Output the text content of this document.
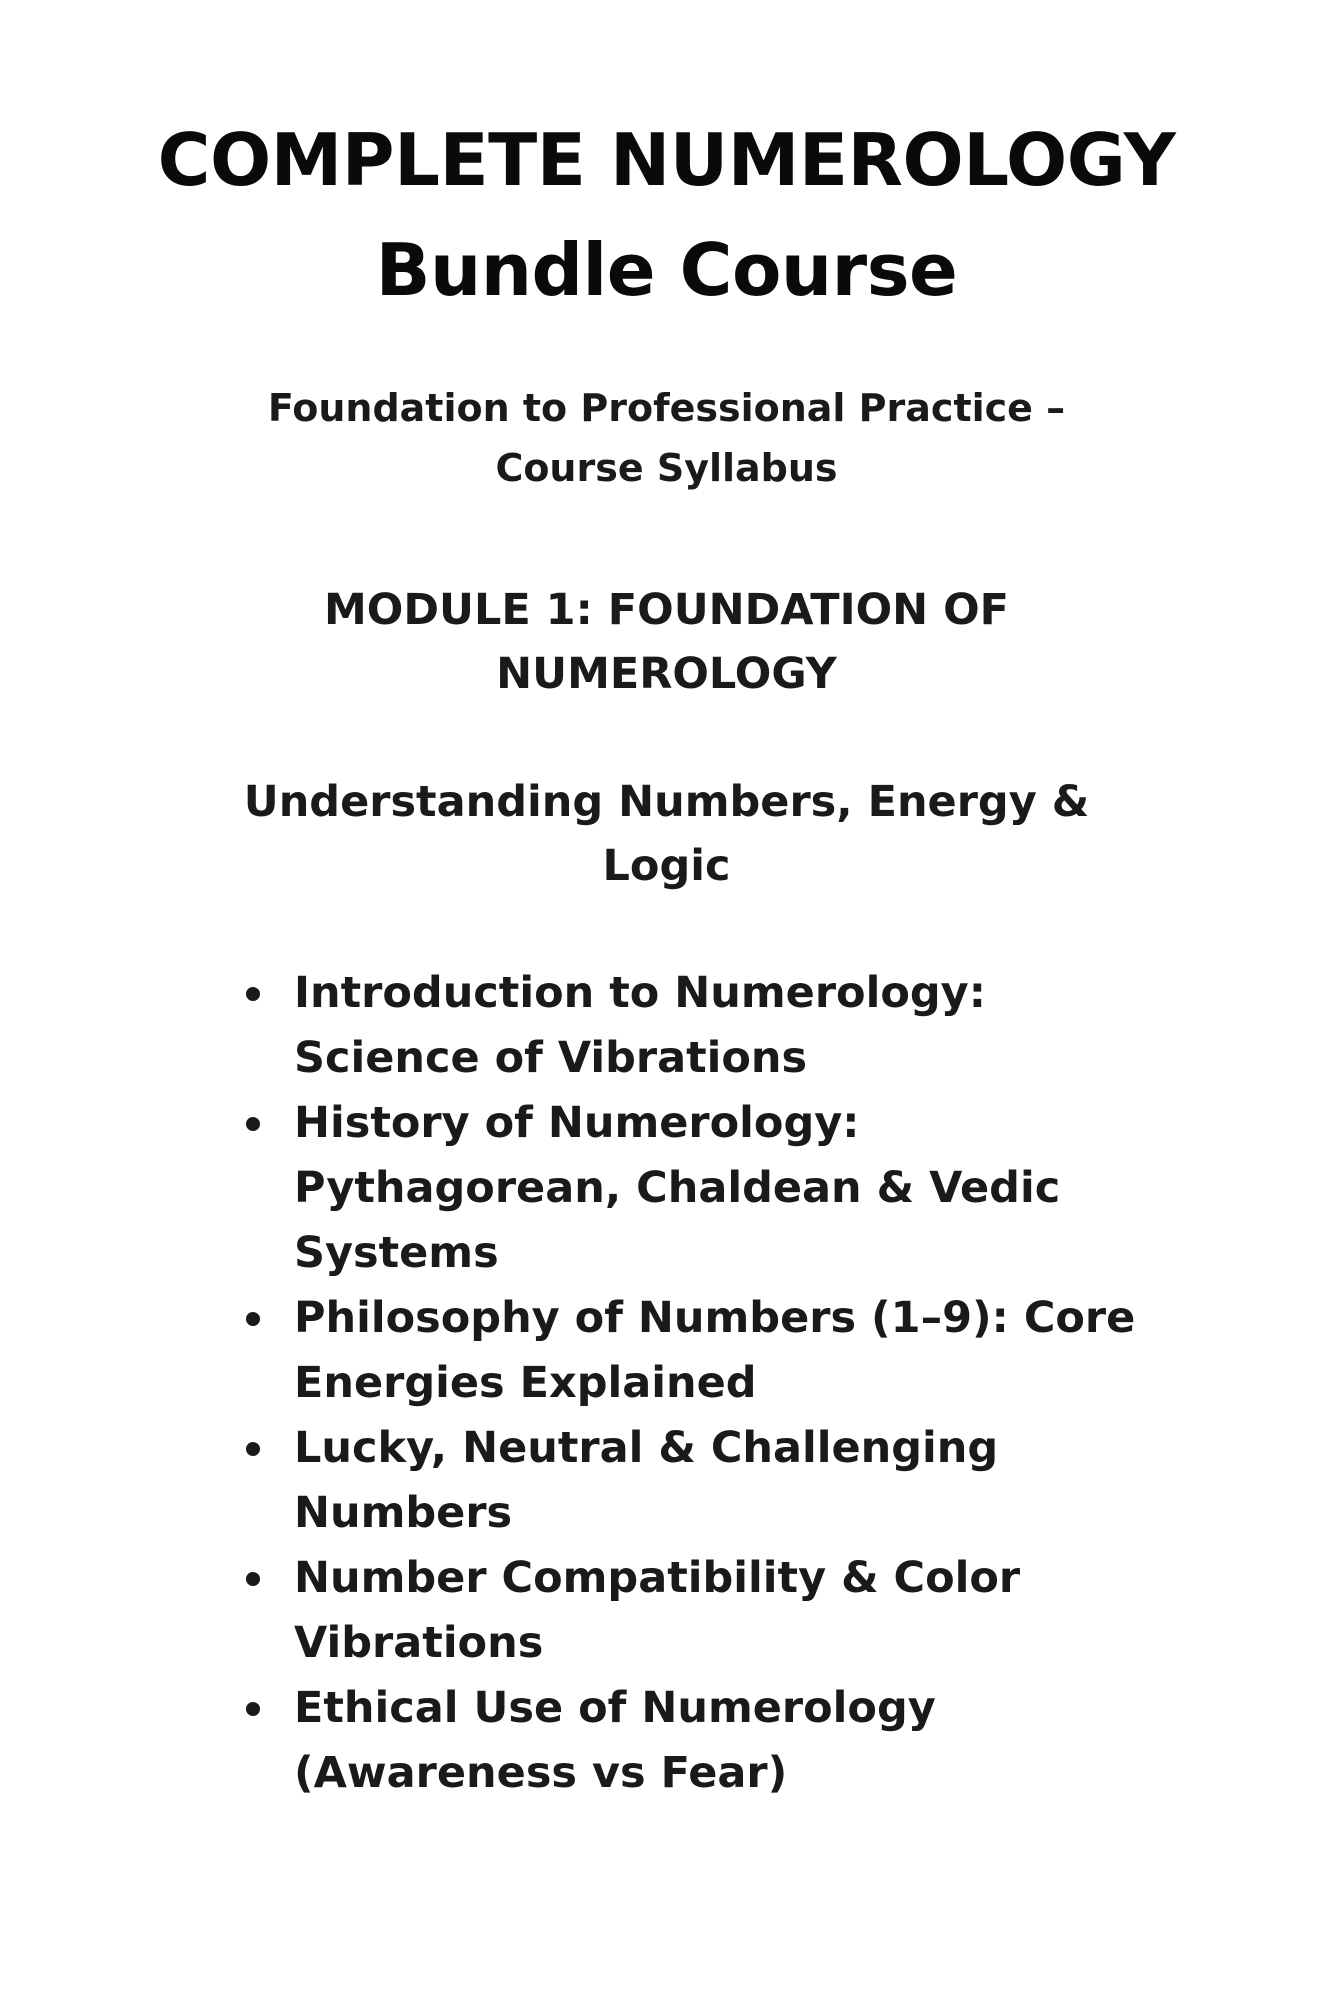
COMPLETE NUMEROLOGY
Bundle Course
Foundation to Professional Practice –
Course Syllabus
MODULE 1: FOUNDATION OF
NUMEROLOGY
Understanding Numbers, Energy &
Logic
Introduction to Numerology:
Science of Vibrations
History of Numerology:
Pythagorean, Chaldean & Vedic
Systems
Philosophy of Numbers (1–9): Core
Energies Explained
Lucky, Neutral & Challenging
Numbers
Number Compatibility & Color
Vibrations
Ethical Use of Numerology
(Awareness vs Fear)
